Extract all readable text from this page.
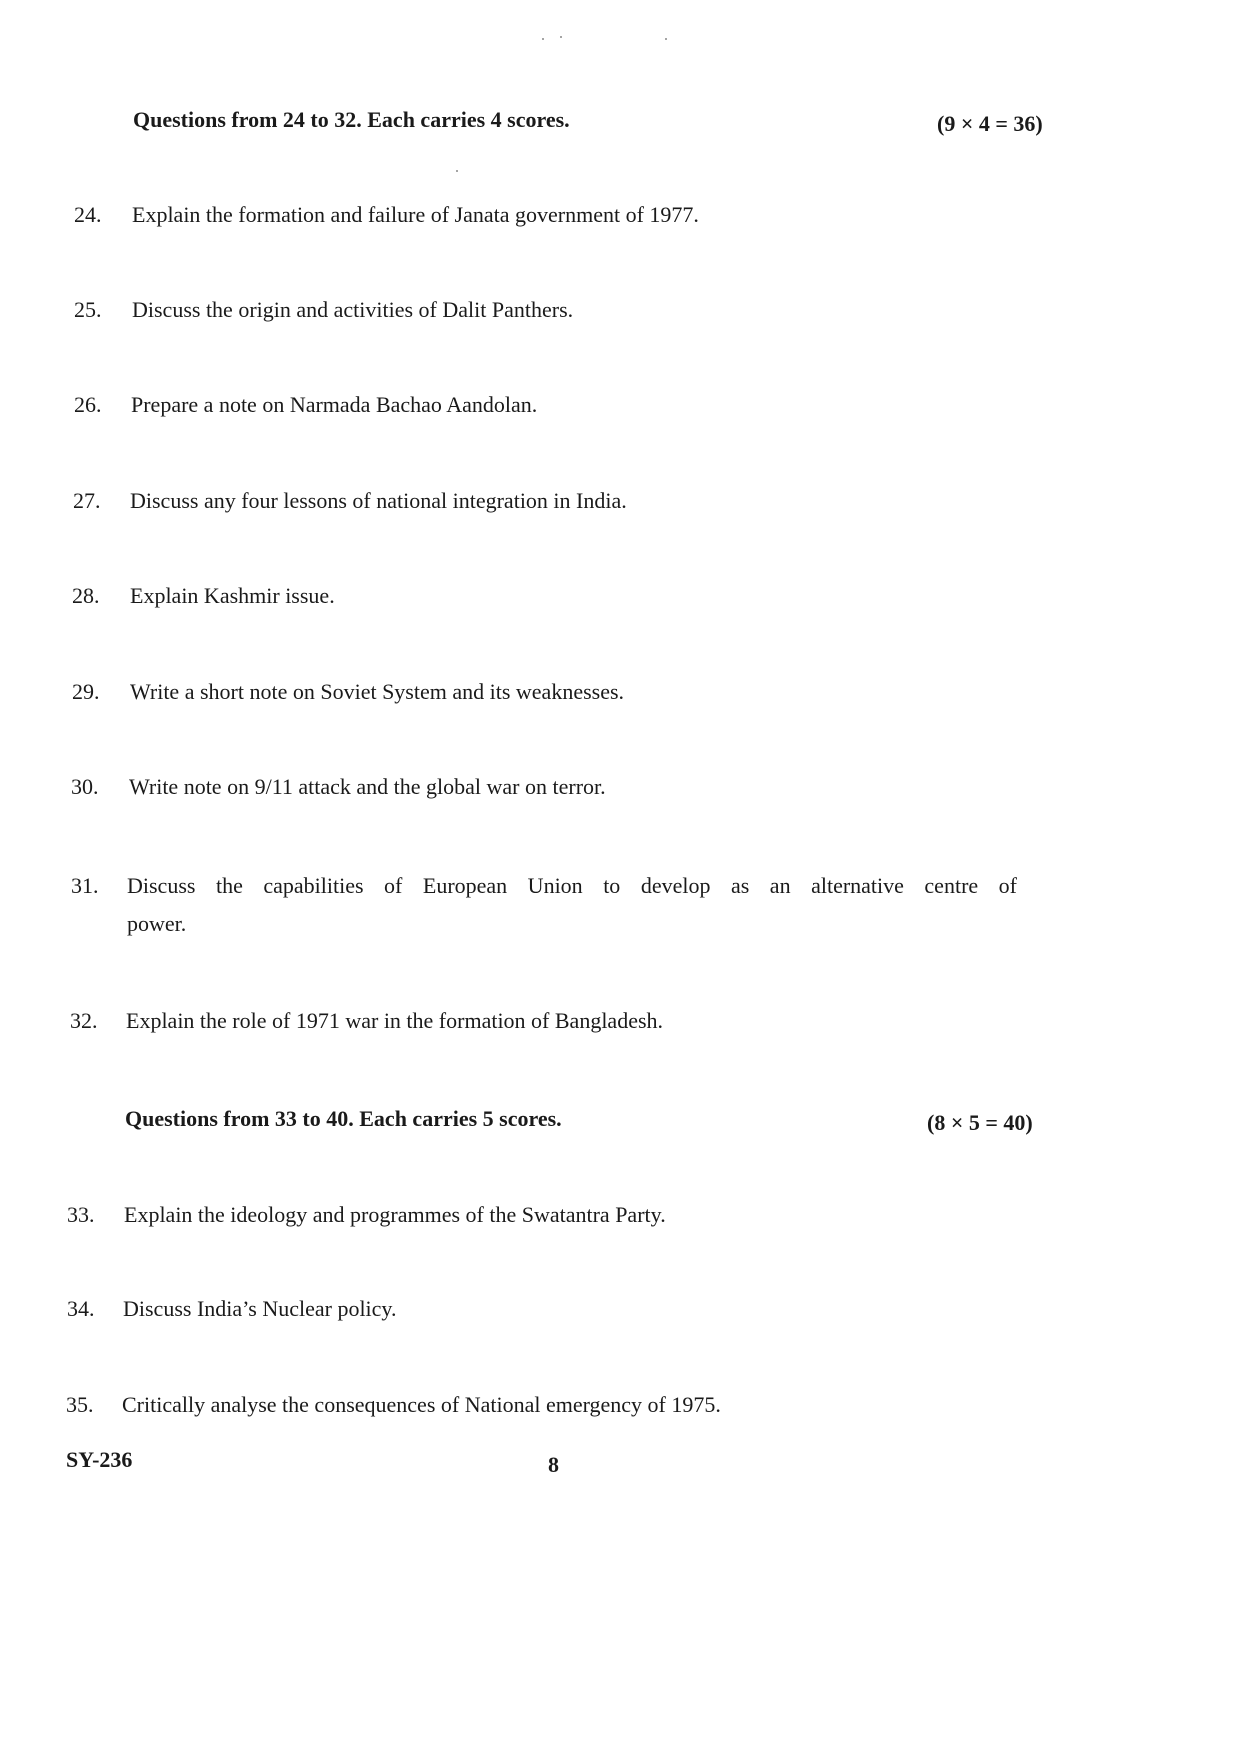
Questions from 24 to 32. Each carries 4 scores.	(9 × 4 = 36)
24. Explain the formation and failure of Janata government of 1977.
25. Discuss the origin and activities of Dalit Panthers.
26. Prepare a note on Narmada Bachao Aandolan.
27. Discuss any four lessons of national integration in India.
28. Explain Kashmir issue.
29. Write a short note on Soviet System and its weaknesses.
30. Write note on 9/11 attack and the global war on terror.
31. Discuss the capabilities of European Union to develop as an alternative centre of
power.
32. Explain the role of 1971 war in the formation of Bangladesh.
Questions from 33 to 40. Each carries 5 scores.	(8 × 5 = 40)
33. Explain the ideology and programmes of the Swatantra Party.
34. Discuss India’s Nuclear policy.
35. Critically analyse the consequences of National emergency of 1975.
SY-236	8
